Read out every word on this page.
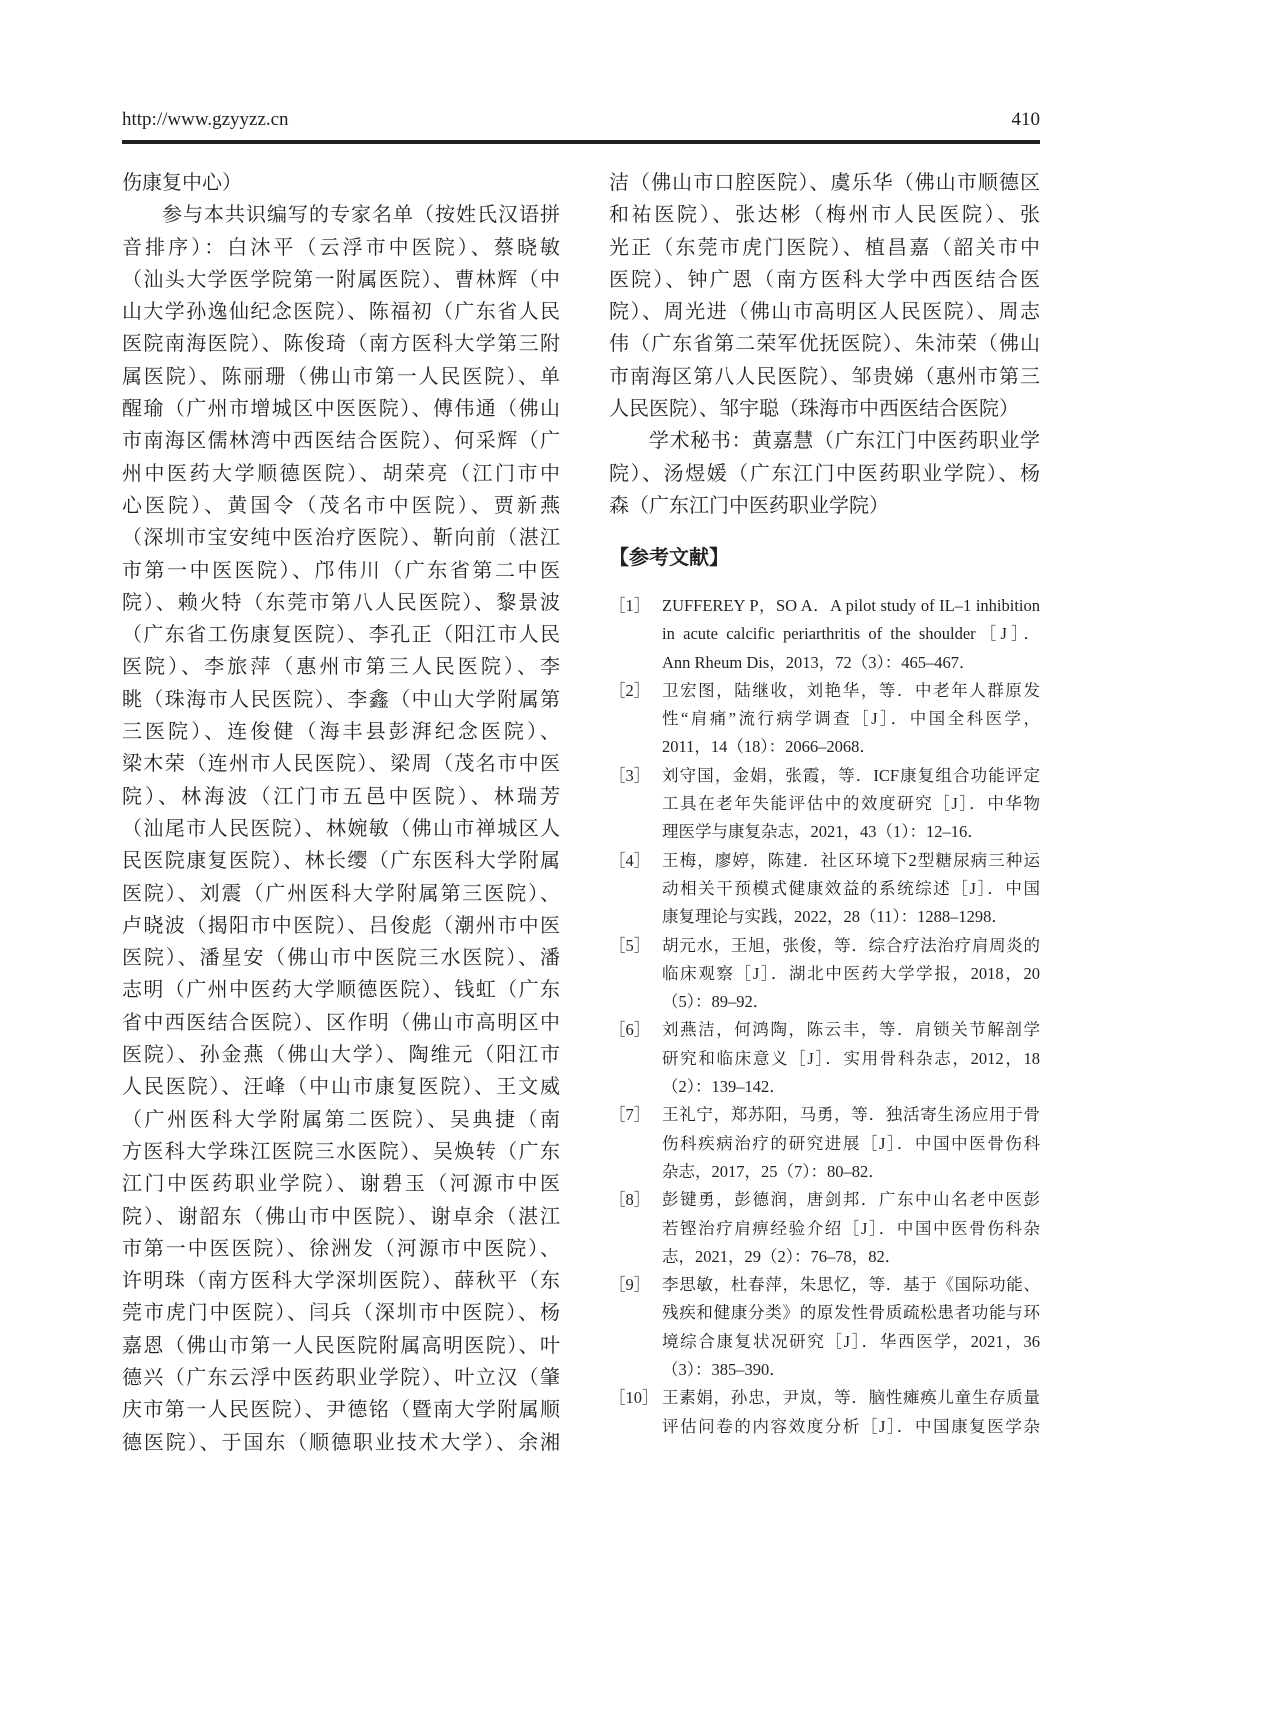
http://www.gzyyzz.cn	410
伤康复中心）
参与本共识编写的专家名单（按姓氏汉语拼
音排序）：白沐平（云浮市中医院）、蔡晓敏
（汕头大学医学院第一附属医院）、曹林辉（中
山大学孙逸仙纪念医院）、陈福初（广东省人民
医院南海医院）、陈俊琦（南方医科大学第三附
属医院）、陈丽珊（佛山市第一人民医院）、单
醒瑜（广州市增城区中医医院）、傅伟通（佛山
市南海区儒林湾中西医结合医院）、何采辉（广
州中医药大学顺德医院）、胡荣亮（江门市中
心医院）、黄国令（茂名市中医院）、贾新燕
（深圳市宝安纯中医治疗医院）、靳向前（湛江
市第一中医医院）、邝伟川（广东省第二中医
院）、赖火特（东莞市第八人民医院）、黎景波
（广东省工伤康复医院）、李孔正（阳江市人民
医院）、李旅萍（惠州市第三人民医院）、李
眺（珠海市人民医院）、李鑫（中山大学附属第
三医院）、连俊健（海丰县彭湃纪念医院）、
梁木荣（连州市人民医院）、梁周（茂名市中医
院）、林海波（江门市五邑中医院）、林瑞芳
（汕尾市人民医院）、林婉敏（佛山市禅城区人
民医院康复医院）、林长缨（广东医科大学附属
医院）、刘震（广州医科大学附属第三医院）、
卢晓波（揭阳市中医院）、吕俊彪（潮州市中医
医院）、潘星安（佛山市中医院三水医院）、潘
志明（广州中医药大学顺德医院）、钱虹（广东
省中西医结合医院）、区作明（佛山市高明区中
医院）、孙金燕（佛山大学）、陶维元（阳江市
人民医院）、汪峰（中山市康复医院）、王文威
（广州医科大学附属第二医院）、吴典捷（南
方医科大学珠江医院三水医院）、吴焕转（广东
江门中医药职业学院）、谢碧玉（河源市中医
院）、谢韶东（佛山市中医院）、谢卓余（湛江
市第一中医医院）、徐洲发（河源市中医院）、
许明珠（南方医科大学深圳医院）、薛秋平（东
莞市虎门中医院）、闫兵（深圳市中医院）、杨
嘉恩（佛山市第一人民医院附属高明医院）、叶
德兴（广东云浮中医药职业学院）、叶立汉（肇
庆市第一人民医院）、尹德铭（暨南大学附属顺
德医院）、于国东（顺德职业技术大学）、余湘
洁（佛山市口腔医院）、虞乐华（佛山市顺德区
和祐医院）、张达彬（梅州市人民医院）、张
光正（东莞市虎门医院）、植昌嘉（韶关市中
医院）、钟广恩（南方医科大学中西医结合医
院）、周光进（佛山市高明区人民医院）、周志
伟（广东省第二荣军优抚医院）、朱沛荣（佛山
市南海区第八人民医院）、邹贵娣（惠州市第三
人民医院）、邹宇聪（珠海市中西医结合医院）
学术秘书：黄嘉慧（广东江门中医药职业学
院）、汤煜媛（广东江门中医药职业学院）、杨
森（广东江门中医药职业学院）
【参考文献】
［1］ ZUFFEREY P，SO A．A pilot study of IL–1 inhibition
in acute calcific periarthritis of the shoulder［J］．
Ann Rheum Dis，2013，72（3）：465–467．
［2］ 卫宏图，陆继收，刘艳华，等．中老年人群原发
性“肩痛”流行病学调查［J］．中国全科医学，
2011，14（18）：2066–2068．
［3］ 刘守国，金娟，张霞，等．ICF康复组合功能评定
工具在老年失能评估中的效度研究［J］．中华物
理医学与康复杂志，2021，43（1）：12–16．
［4］ 王梅，廖婷，陈建．社区环境下2型糖尿病三种运
动相关干预模式健康效益的系统综述［J］．中国
康复理论与实践，2022，28（11）：1288–1298．
［5］ 胡元水，王旭，张俊，等．综合疗法治疗肩周炎的
临床观察［J］．湖北中医药大学学报，2018，20
（5）：89–92．
［6］ 刘燕洁，何鸿陶，陈云丰，等．肩锁关节解剖学
研究和临床意义［J］．实用骨科杂志，2012，18
（2）：139–142．
［7］ 王礼宁，郑苏阳，马勇，等．独活寄生汤应用于骨
伤科疾病治疗的研究进展［J］．中国中医骨伤科
杂志，2017，25（7）：80–82．
［8］ 彭键勇，彭德润，唐剑邦．广东中山名老中医彭
若铿治疗肩痹经验介绍［J］．中国中医骨伤科杂
志，2021，29（2）：76–78，82．
［9］ 李思敏，杜春萍，朱思忆，等．基于《国际功能、
残疾和健康分类》的原发性骨质疏松患者功能与环
境综合康复状况研究［J］．华西医学，2021，36
（3）：385–390．
［10］ 王素娟，孙忠，尹岚，等．脑性瘫痪儿童生存质量
评估问卷的内容效度分析［J］．中国康复医学杂
